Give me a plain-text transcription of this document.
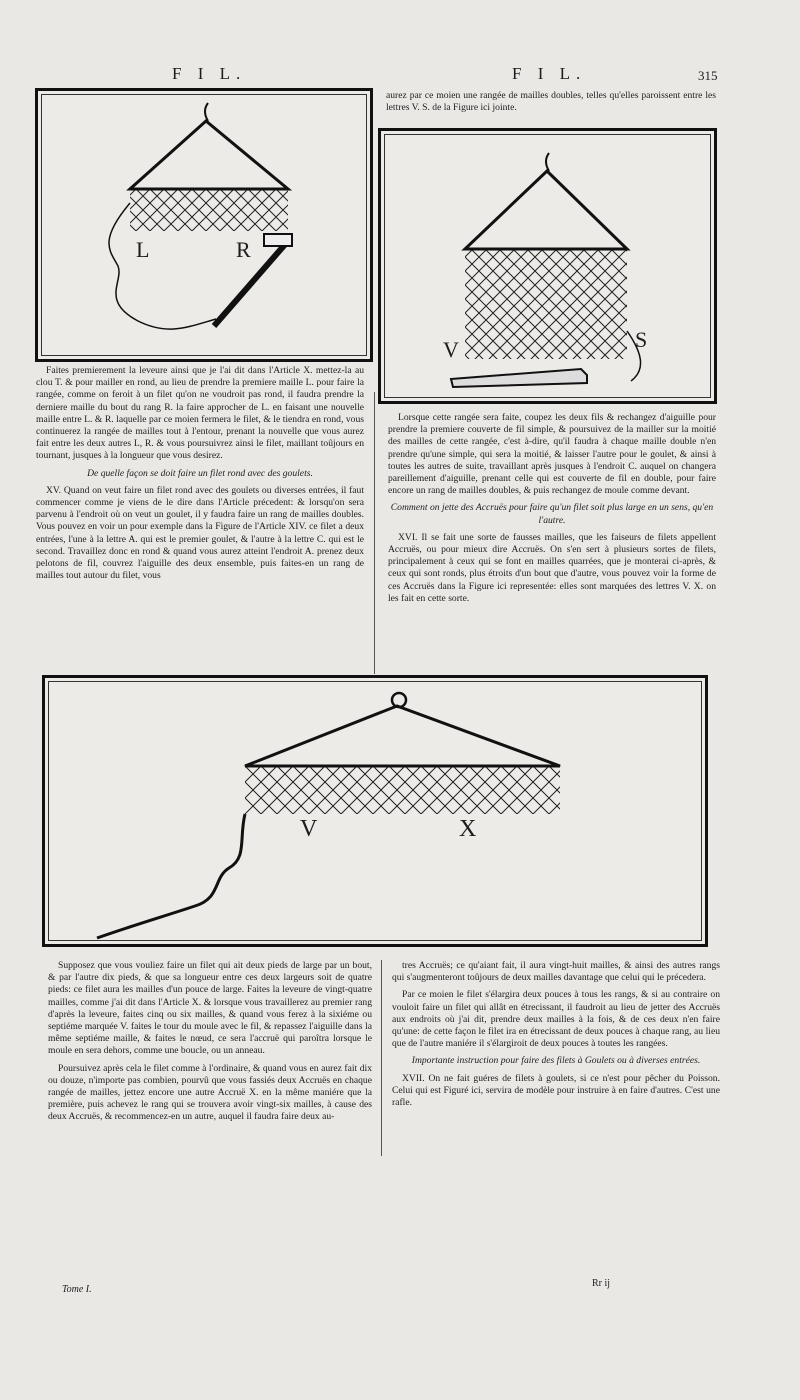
F I L.	F I L.	315
aurez par ce moien une rangée de mailles doubles, telles qu'elles paroissent entre les lettres V. S. de la Figure ici jointe.
L	R
V	S

Faites premierement la leveure ainsi que je l'ai dit dans l'Article X. mettez-la au clou T. & pour mailler en rond, au lieu de prendre la premiere maille L. pour faire la rangée, comme on feroit à un filet qu'on ne voudroit pas rond, il faudra prendre la derniere maille du bout du rang R. la faire approcher de L. en faisant une nouvelle maille entre L. & R. laquelle par ce moien fermera le filet, & le tiendra en rond, vous continuerez la rangée de mailles tout à l'entour, prenant la nouvelle que vous aurez fait entre les deux autres L, R. & vous poursuivrez ainsi le filet, maillant toûjours en tournant, jusques à la longueur que vous desirez.

De quelle façon se doit faire un filet rond avec des goulets.

XV. Quand on veut faire un filet rond avec des goulets ou diverses entrées, il faut commencer comme je viens de le dire dans l'Article précedent: & lorsqu'on sera parvenu à l'endroit où on veut un goulet, il y faudra faire un rang de mailles doubles. Vous pouvez en voir un pour exemple dans la Figure de l'Article XIV. ce filet a deux entrées, l'une à la lettre A. qui est le premier goulet, & l'autre à la lettre C. qui est le second. Travaillez donc en rond & quand vous aurez atteint l'endroit A. prenez deux pelotons de fil, couvrez l'aiguille des deux ensemble, puis faites-en un rang de mailles tout autour du filet, vous

Lorsque cette rangée sera faite, coupez les deux fils & rechangez d'aiguille pour prendre la premiere couverte de fil simple, & poursuivez de la mailler sur la moitié des mailles de cette rangée, c'est à-dire, qu'il faudra à chaque maille double n'en prendre qu'une simple, qui sera la moitié, & laisser l'autre pour le goulet, & ainsi à toutes les autres de suite, travaillant après jusques à l'endroit C. auquel on changera pareillement d'aiguille, prenant celle qui est couverte de fil en double, pour faire encore un rang de mailles doubles, & puis rechangez de moule comme devant.

Comment on jette des Accruës pour faire qu'un filet soit plus large en un sens, qu'en l'autre.

XVI. Il se fait une sorte de fausses mailles, que les faiseurs de filets appellent Accruës, ou pour mieux dire Accruës. On s'en sert à plusieurs sortes de filets, principalement à ceux qui se font en mailles quarrées, que je monterai ci-après, & ceux qui sont ronds, plus étroits d'un bout que d'autre, vous pouvez voir la forme de ces Accruës dans la Figure ici representée: elles sont marquées des lettres V. X. on les fait en cette sorte.

V	X

Supposez que vous vouliez faire un filet qui ait deux pieds de large par un bout, & par l'autre dix pieds, & que sa longueur entre ces deux largeurs soit de quatre pieds: ce filet aura les mailles d'un pouce de large. Faites la leveure de vingt-quatre mailles, comme j'ai dit dans l'Article X. & lorsque vous travaillerez au premier rang d'après la leveure, faites cinq ou six mailles, & quand vous ferez à la sixiéme ou septiéme marquée V. faites le tour du moule avec le fil, & repassez l'aiguille dans la même septiéme maille, & faites le nœud, ce sera l'accruë qui paroîtra lorsque le moule en sera dehors, comme une boucle, ou un anneau.

Poursuivez après cela le filet comme à l'ordinaire, & quand vous en aurez fait dix ou douze, n'importe pas combien, pourvû que vous fassiés deux Accruës en chaque rangée de mailles, jettez encore une autre Accruë X. en la même maniére que la première, puis achevez le rang qui se trouvera avoir vingt-six mailles, à cause des deux Accruës, & recommencez-en un autre, auquel il faudra faire deux au-

tres Accruës; ce qu'aiant fait, il aura vingt-huit mailles, & ainsi des autres rangs qui s'augmenteront toûjours de deux mailles davantage que celui qui le précedera.

Par ce moien le filet s'élargira deux pouces à tous les rangs, & si au contraire on vouloit faire un filet qui allât en étrecissant, il faudroit au lieu de jetter des Accruës aux endroits où j'ai dit, prendre deux mailles à la fois, & de ces deux n'en faire qu'une: de cette façon le filet ira en étrecissant de deux pouces à chaque rang, au lieu que de l'autre maniére il s'élargiroit de deux pouces à toutes les rangées.

Importante instruction pour faire des filets à Goulets ou à diverses entrées.

XVII. On ne fait guéres de filets à goulets, si ce n'est pour pêcher du Poisson. Celui qui est Figuré ici, servira de modèle pour instruire à en faire d'autres. C'est une rafle.

Tome I.
Rr ij
